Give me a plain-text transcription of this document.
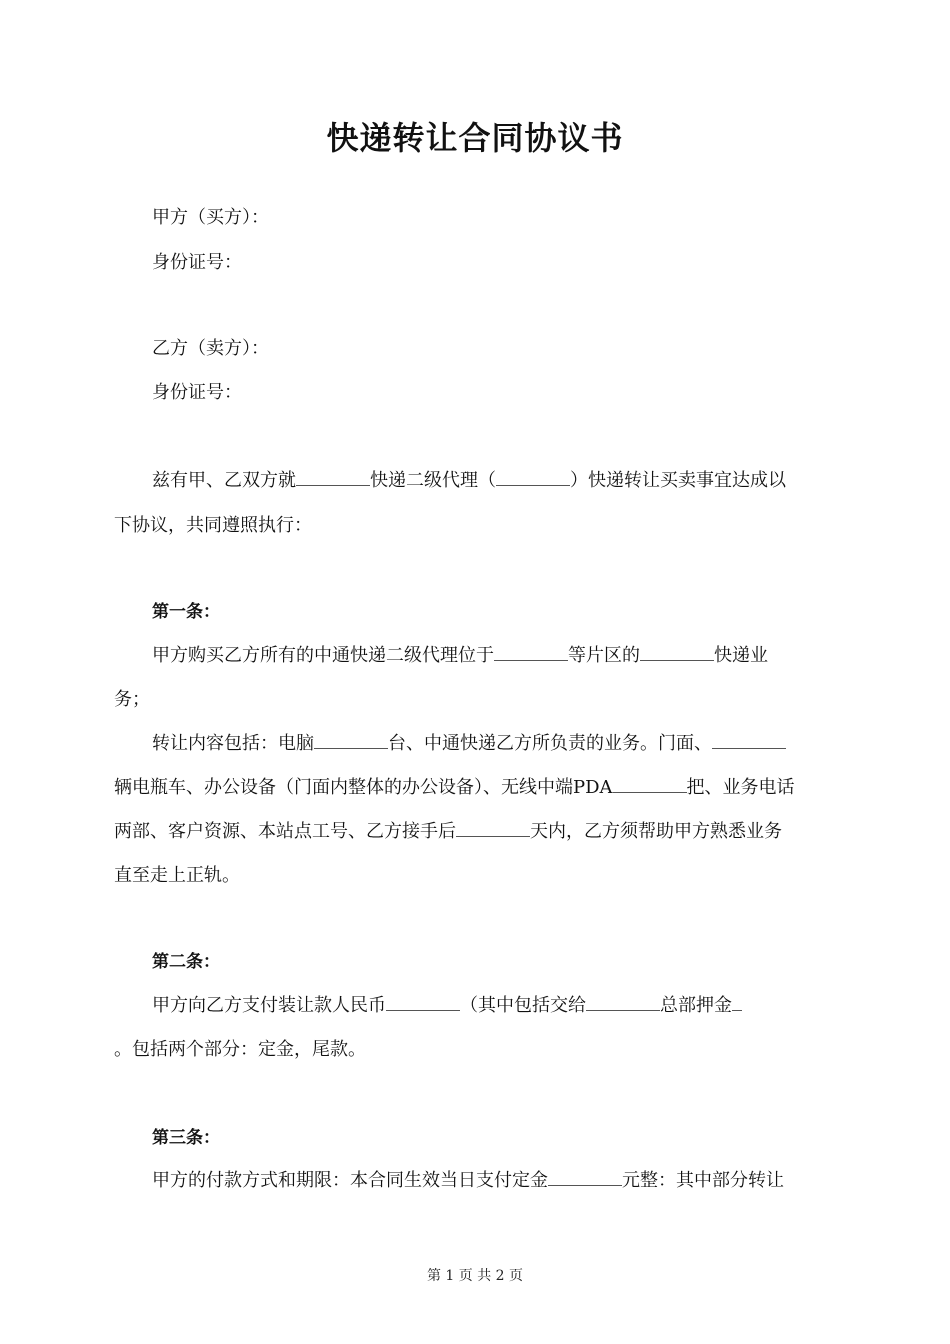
快递转让合同协议书

甲方（买方）：

身份证号：

乙方（卖方）：

身份证号：

兹有甲、乙双方就	快递二级代理（	）快递转让买卖事宜达成以

下协议，共同遵照执行：

第一条：

甲方购买乙方所有的中通快递二级代理位于	等片区的	快递业

务；

转让内容包括：电脑	台、中通快递乙方所负责的业务。门面、

辆电瓶车、办公设备（门面内整体的办公设备）、无线中端PDA	把、业务电话

两部、客户资源、本站点工号、乙方接手后	天内，乙方须帮助甲方熟悉业务

直至走上正轨。

第二条：

甲方向乙方支付装让款人民币	（其中包括交给	总部押金

。包括两个部分：定金，尾款。

第三条：

甲方的付款方式和期限：本合同生效当日支付定金	元整：其中部分转让

第 1 页 共 2 页
